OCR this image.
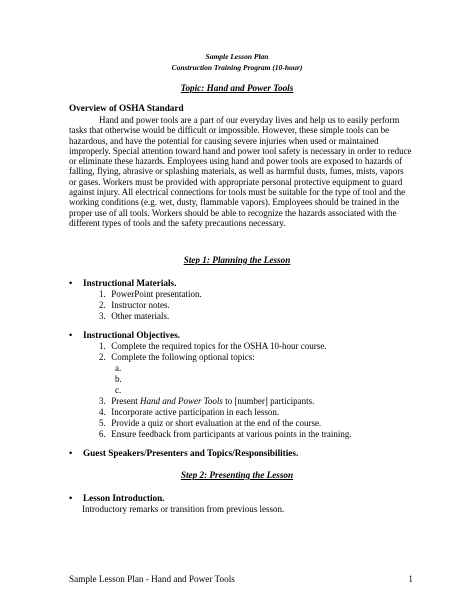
Sample Lesson Plan
Construction Training Program (10-hour)
Topic: Hand and Power Tools
Overview of OSHA Standard

Hand and power tools are a part of our everyday lives and help us to easily perform tasks that otherwise would be difficult or impossible. However, these simple tools can be hazardous, and have the potential for causing severe injuries when used or maintained improperly. Special attention toward hand and power tool safety is necessary in order to reduce or eliminate these hazards. Employees using hand and power tools are exposed to hazards of falling, flying, abrasive or splashing materials, as well as harmful dusts, fumes, mists, vapors or gases. Workers must be provided with appropriate personal protective equipment to guard against injury. All electrical connections for tools must be suitable for the type of tool and the working conditions (e.g. wet, dusty, flammable vapors). Employees should be trained in the proper use of all tools. Workers should be able to recognize the hazards associated with the different types of tools and the safety precautions necessary.

Step 1: Planning the Lesson
• Instructional Materials.
1. PowerPoint presentation.
2. Instructor notes.
3. Other materials.
• Instructional Objectives.
1. Complete the required topics for the OSHA 10-hour course.
2. Complete the following optional topics:
a.
b.
c.
3. Present Hand and Power Tools to [number] participants.
4. Incorporate active participation in each lesson.
5. Provide a quiz or short evaluation at the end of the course.
6. Ensure feedback from participants at various points in the training.
• Guest Speakers/Presenters and Topics/Responsibilities.
Step 2: Presenting the Lesson
• Lesson Introduction.
Introductory remarks or transition from previous lesson.
Sample Lesson Plan - Hand and Power Tools	1
